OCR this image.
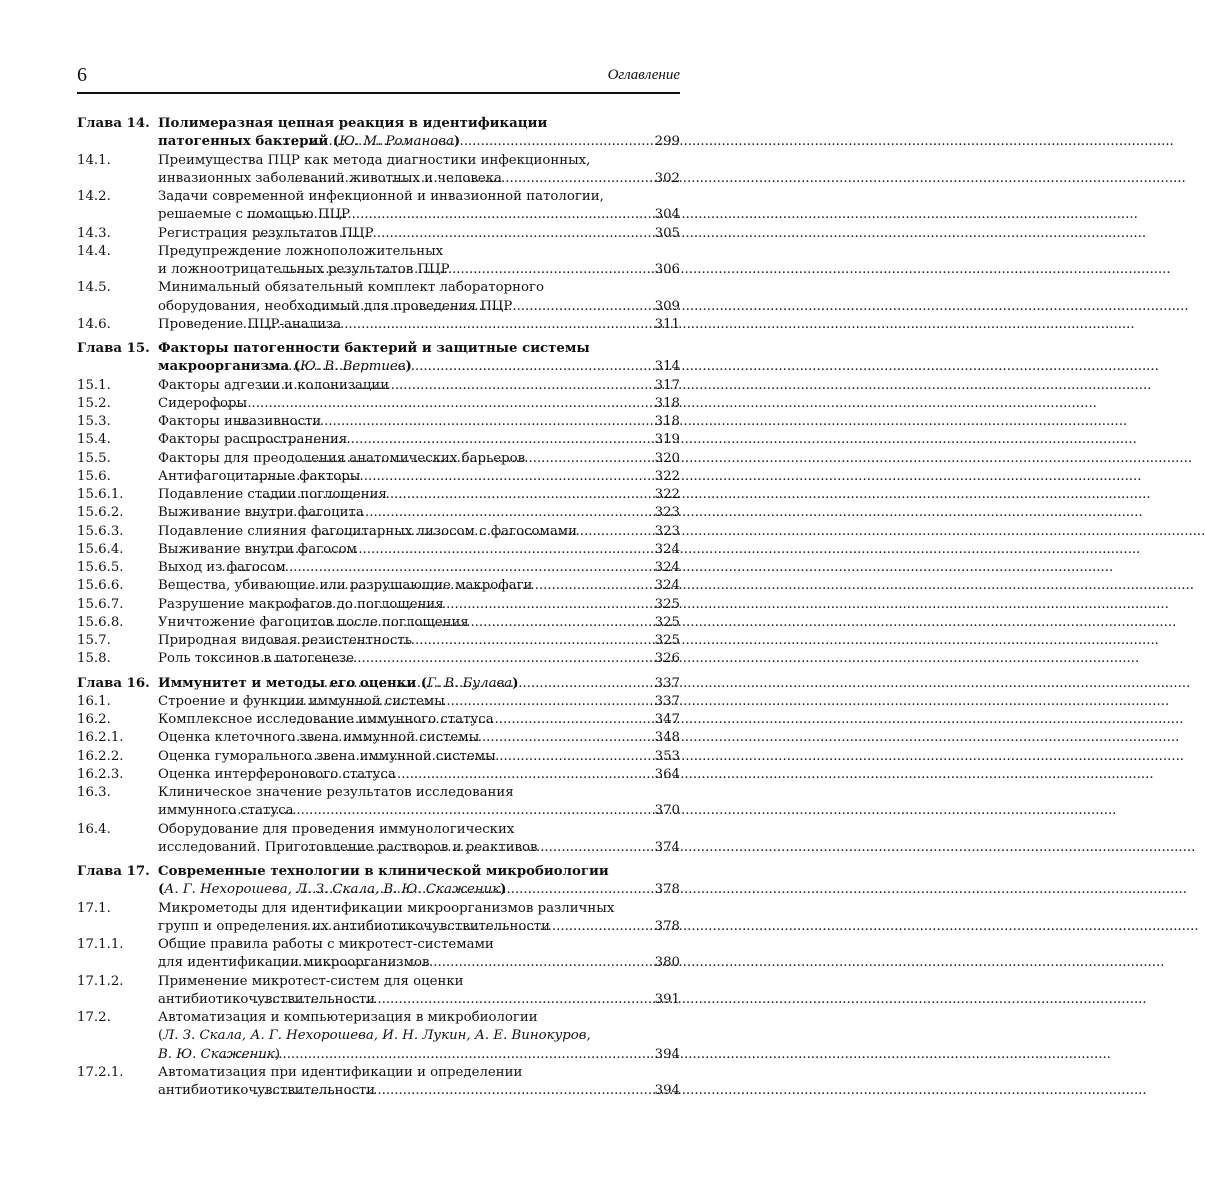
6	Оглавление
Глава 14. Полимеразная цепная реакция в идентификации
патогенных бактерий (Ю. М. Романова) .....	299
14.1.	Преимущества ПЦР как метода диагностики инфекционных,
инвазионных заболеваний животных и человека .....	302
14.2.	Задачи современной инфекционной и инвазионной патологии,
решаемые с помощью ПЦР .....	304
14.3.	Регистрация результатов ПЦР .....	305
14.4.	Предупреждение ложноположительных
и ложноотрицательных результатов ПЦР .....	306
14.5.	Минимальный обязательный комплект лабораторного
оборудования, необходимый для проведения ПЦР .....	309
14.6.	Проведение ПЦР-анализа .....	311
Глава 15. Факторы патогенности бактерий и защитные системы
макроорганизма (Ю. В. Вертиев) .....	314
15.1.	Факторы адгезии и колонизации .....	317
15.2.	Сидерофоры .....	318
15.3.	Факторы инвазивности .....	318
15.4.	Факторы распространения .....	319
15.5.	Факторы для преодоления анатомических барьеров .....	320
15.6.	Антифагоцитарные факторы .....	322
15.6.1.	Подавление стадии поглощения .....	322
15.6.2.	Выживание внутри фагоцита .....	323
15.6.3.	Подавление слияния фагоцитарных лизосом с фагосомами .....	323
15.6.4.	Выживание внутри фагосом .....	324
15.6.5.	Выход из фагосом .....	324
15.6.6.	Вещества, убивающие или разрушающие макрофаги .....	324
15.6.7.	Разрушение макрофагов до поглощения .....	325
15.6.8.	Уничтожение фагоцитов после поглощения .....	325
15.7.	Природная видовая резистентность .....	325
15.8.	Роль токсинов в патогенезе .....	326
Глава 16. Иммунитет и методы его оценки (Г. В. Булава) .....	337
16.1.	Строение и функции иммунной системы .....	337
16.2.	Комплексное исследование иммунного статуса .....	347
16.2.1.	Оценка клеточного звена иммунной системы .....	348
16.2.2.	Оценка гуморального звена иммунной системы .....	353
16.2.3.	Оценка интерферонового статуса .....	364
16.3.	Клиническое значение результатов исследования
иммунного статуса .....	370
16.4.	Оборудование для проведения иммунологических
исследований. Приготовление растворов и реактивов .....	374
Глава 17. Современные технологии в клинической микробиологии
(А. Г. Нехорошева, Л. З. Скала, В. Ю. Скаженик) .....	378
17.1.	Микрометоды для идентификации микроорганизмов различных
групп и определения их антибиотикочувствительности .....	378
17.1.1.	Общие правила работы с микротест-системами
для идентификации микроорганизмов .....	380
17.1.2.	Применение микротест-систем для оценки
антибиотикочувствительности .....	391
17.2.	Автоматизация и компьютеризация в микробиологии
(Л. З. Скала, А. Г. Нехорошева, И. Н. Лукин, А. Е. Винокуров,
В. Ю. Скаженик) .....	394
17.2.1.	Автоматизация при идентификации и определении
антибиотикочувствительности .....	394
